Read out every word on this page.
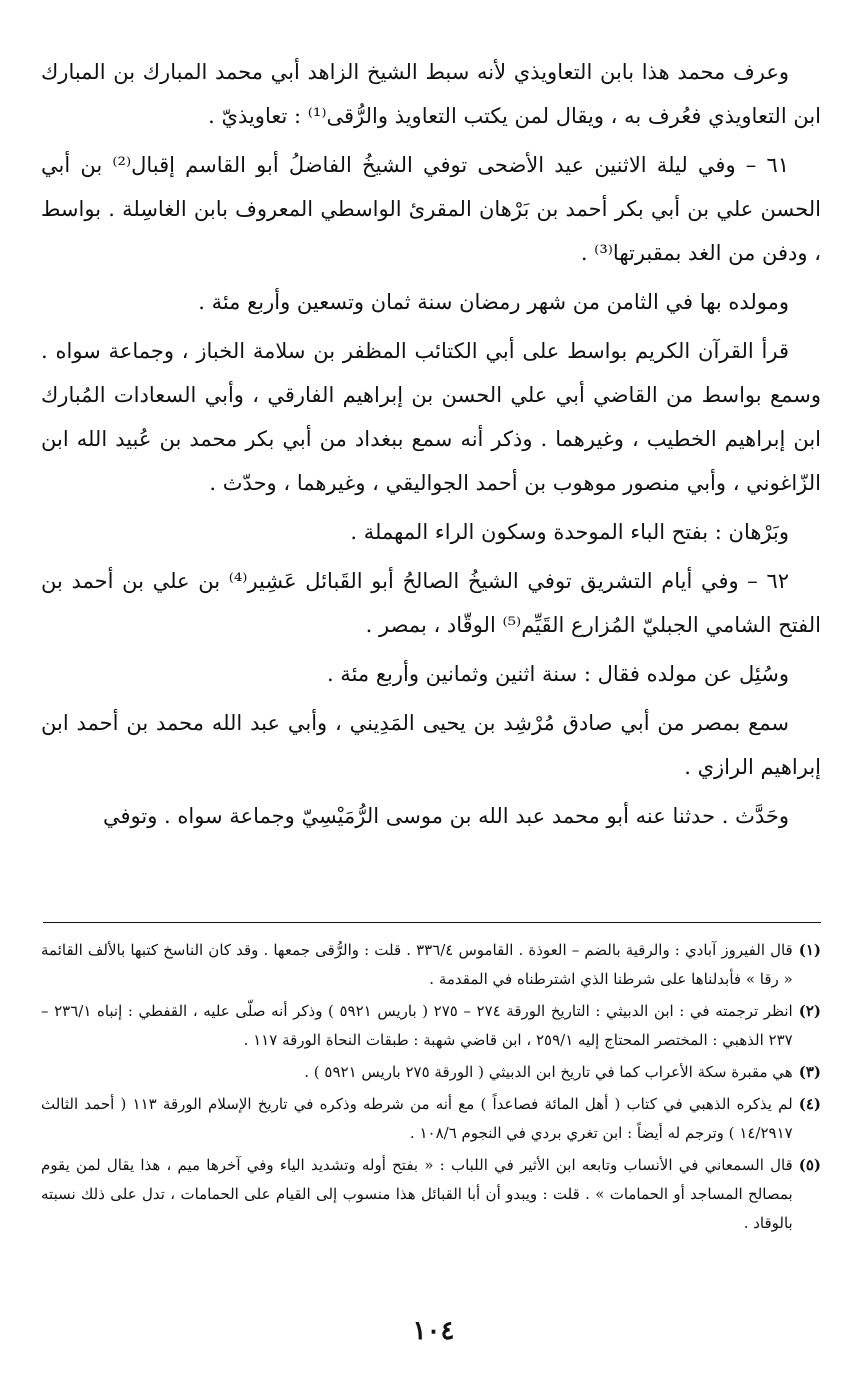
وعرف محمد هذا بابن التعاويذي لأنه سبط الشيخ الزاهد أبي محمد المبارك بن المبارك ابن التعاويذي فعُرف به ، ويقال لمن يكتب التعاويذ والرُّقى⁽¹⁾ : تعاويذيّ .

٦١ – وفي ليلة الاثنين عيد الأضحى توفي الشيخُ الفاضلُ أبو القاسم إقبال⁽²⁾ بن أبي الحسن علي بن أبي بكر أحمد بن بَرْهان المقرئ الواسطي المعروف بابن الغاسِلة . بواسط ، ودفن من الغد بمقبرتها⁽³⁾ .

ومولده بها في الثامن من شهر رمضان سنة ثمان وتسعين وأربع مئة .

قرأ القرآن الكريم بواسط على أبي الكتائب المظفر بن سلامة الخباز ، وجماعة سواه . وسمع بواسط من القاضي أبي علي الحسن بن إبراهيم الفارقي ، وأبي السعادات المُبارك ابن إبراهيم الخطيب ، وغيرهما . وذكر أنه سمع ببغداد من أبي بكر محمد بن عُبيد الله ابن الزّاغوني ، وأبي منصور موهوب بن أحمد الجواليقي ، وغيرهما ، وحدّث .

وبَرْهان : بفتح الباء الموحدة وسكون الراء المهملة .

٦٢ – وفي أيام التشريق توفي الشيخُ الصالحُ أبو القَبائل عَشِير⁽⁴⁾ بن علي بن أحمد بن الفتح الشامي الجبليّ المُزارع القَيِّم⁽⁵⁾ الوقّاد ، بمصر .

وسُئِل عن مولده فقال : سنة اثنين وثمانين وأربع مئة .

سمع بمصر من أبي صادق مُرْشِد بن يحيى المَدِيني ، وأبي عبد الله محمد بن أحمد ابن إبراهيم الرازي .

وحَدَّث . حدثنا عنه أبو محمد عبد الله بن موسى الرُّمَيْسِيّ وجماعة سواه . وتوفي

(١)
قال الفيروز آبادي : والرقية بالضم – العوذة . القاموس ٣٣٦/٤ . قلت : والرُّقى جمعها . وقد كان الناسخ كتبها بالألف القائمة « رقا » فأبدلناها على شرطنا الذي اشترطناه في المقدمة .
(٢)
انظر ترجمته في : ابن الدبيثي : التاريخ الورقة ٢٧٤ – ٢٧٥ ( باريس ٥٩٢١ ) وذكر أنه صلّى عليه ، القفطي : إنباه ٢٣٦/١ – ٢٣٧ الذهبي : المختصر المحتاج إليه ٢٥٩/١ ، ابن قاضي شهبة : طبقات النحاة الورقة ١١٧ .
(٣)
هي مقبرة سكة الأعراب كما في تاريخ ابن الدبيثي ( الورقة ٢٧٥ باريس ٥٩٢١ ) .
(٤)
لم يذكره الذهبي في كتاب ( أهل المائة فصاعداً ) مع أنه من شرطه وذكره في تاريخ الإسلام الورقة ١١٣ ( أحمد الثالث ١٤/٢٩١٧ ) وترجم له أيضاً : ابن تغري بردي في النجوم ١٠٨/٦ .
(٥)
قال السمعاني في الأنساب وتابعه ابن الأثير في اللباب : « بفتح أوله وتشديد الياء وفي آخرها ميم ، هذا يقال لمن يقوم بمصالح المساجد أو الحمامات » . قلت : ويبدو أن أبا القبائل هذا منسوب إلى القيام على الحمامات ، تدل على ذلك نسبته بالوقاد .
١٠٤
